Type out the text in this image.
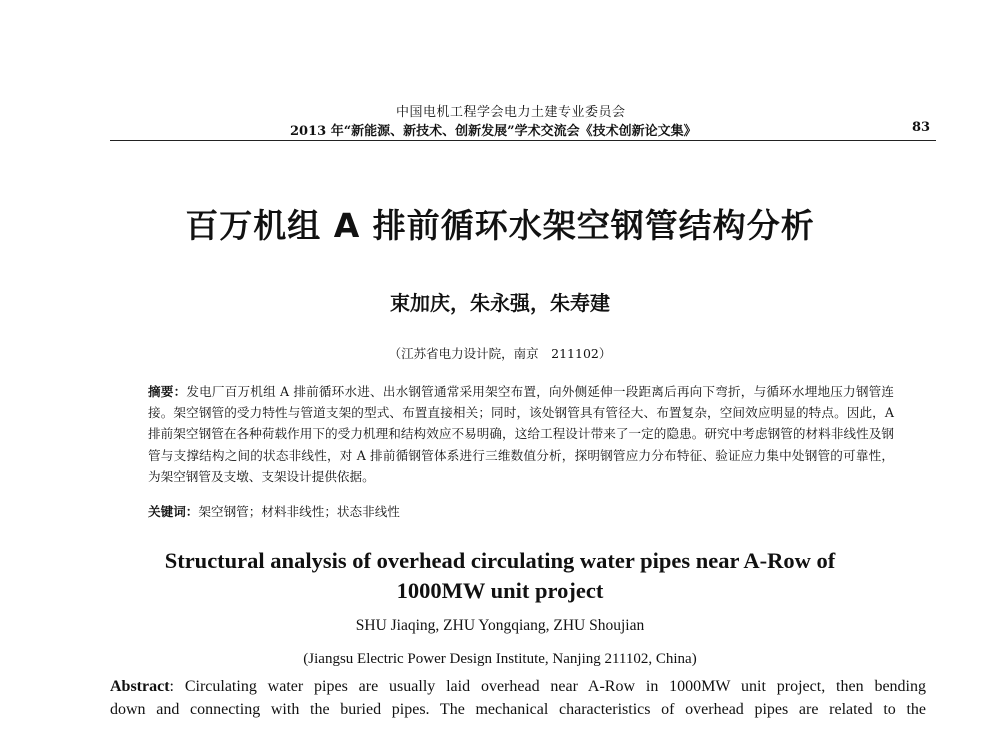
中国电机工程学会电力土建专业委员会
2013 年“新能源、新技术、创新发展”学术交流会《技术创新论文集》	83
百万机组 A 排前循环水架空钢管结构分析
束加庆，朱永强，朱寿建
（江苏省电力设计院，南京　211102）
摘要：发电厂百万机组 A 排前循环水进、出水钢管通常采用架空布置，向外侧延伸一段距离后再向下弯折，与循环水埋地压力钢管连接。架空钢管的受力特性与管道支架的型式、布置直接相关；同时，该处钢管具有管径大、布置复杂，空间效应明显的特点。因此，A 排前架空钢管在各种荷载作用下的受力机理和结构效应不易明确，这给工程设计带来了一定的隐患。研究中考虑钢管的材料非线性及钢管与支撑结构之间的状态非线性，对 A 排前循钢管体系进行三维数值分析，探明钢管应力分布特征、验证应力集中处钢管的可靠性，为架空钢管及支墩、支架设计提供依据。
关键词：架空钢管；材料非线性；状态非线性
Structural analysis of overhead circulating water pipes near A-Row of
1000MW unit project
SHU Jiaqing, ZHU Yongqiang, ZHU Shoujian
(Jiangsu Electric Power Design Institute, Nanjing 211102, China)
Abstract: Circulating water pipes are usually laid overhead near A-Row in 1000MW unit project, then bending
down and connecting with the buried pipes. The mechanical characteristics of overhead pipes are related to the
